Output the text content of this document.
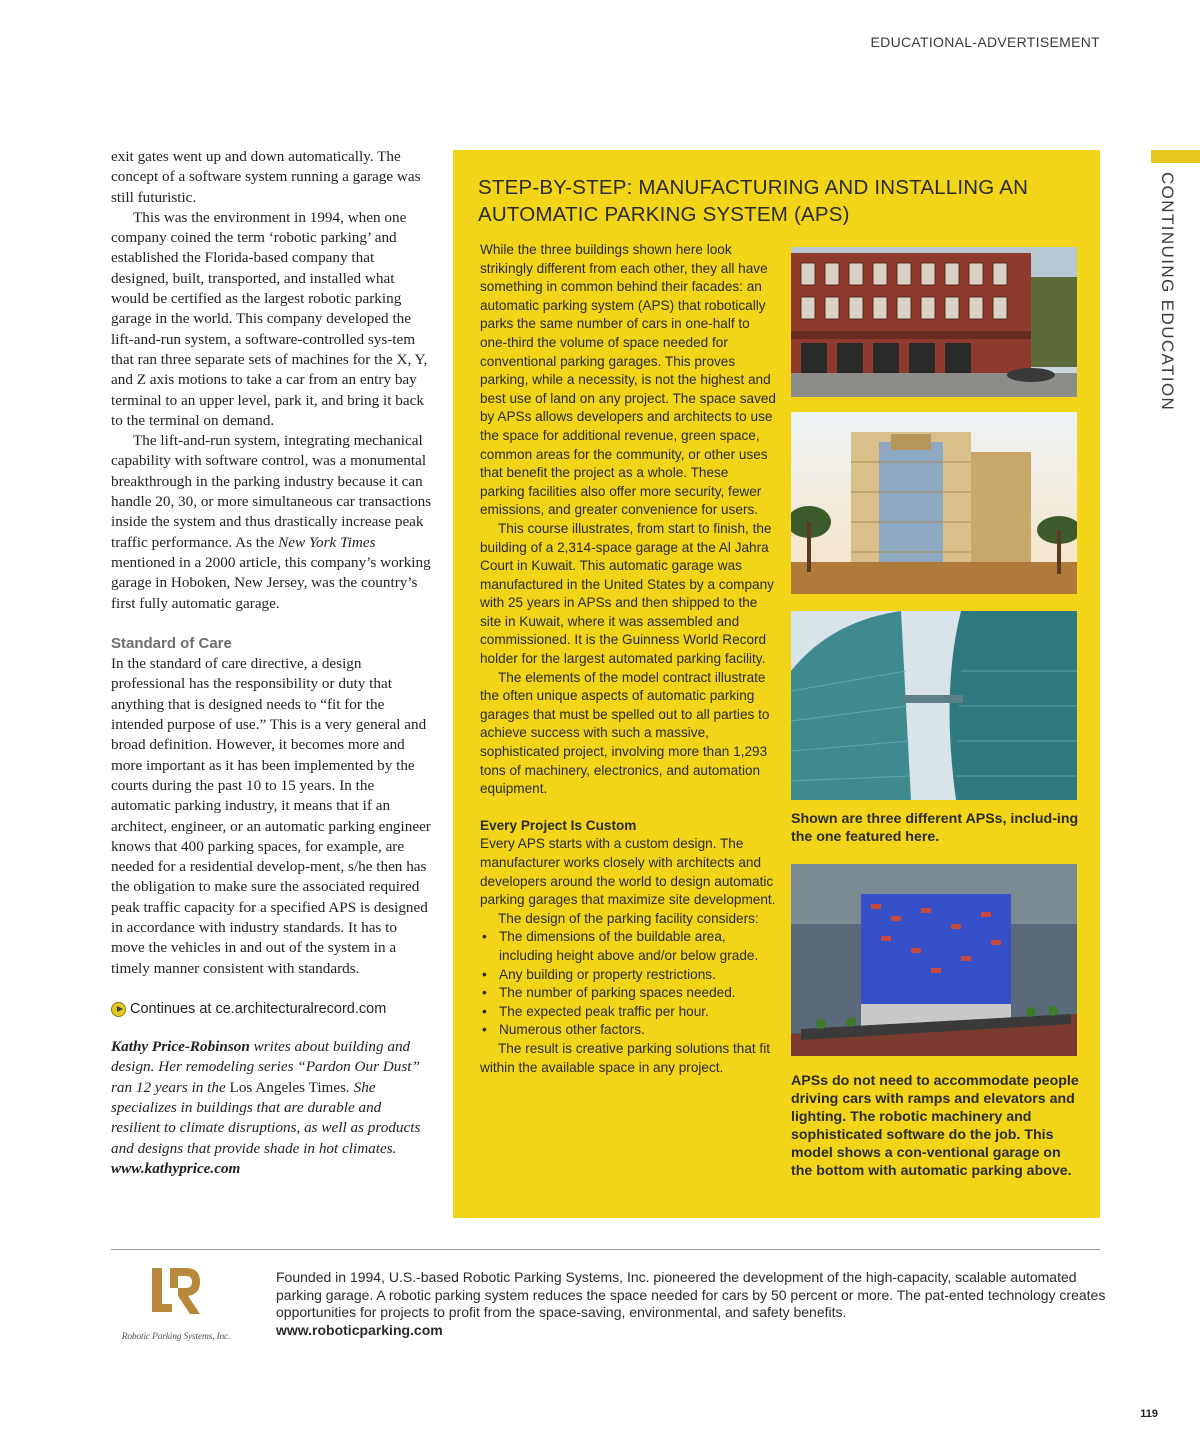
EDUCATIONAL-ADVERTISEMENT
CONTINUING EDUCATION

exit gates went up and down automatically. The concept of a software system running a garage was still futuristic.

This was the environment in 1994, when one company coined the term ‘robotic parking’ and established the Florida-based company that designed, built, transported, and installed what would be certified as the largest robotic parking garage in the world. This company developed the lift-and-run system, a software-controlled sys-tem that ran three separate sets of machines for the X, Y, and Z axis motions to take a car from an entry bay terminal to an upper level, park it, and bring it back to the terminal on demand.

The lift-and-run system, integrating mechanical capability with software control, was a monumental breakthrough in the parking industry because it can handle 20, 30, or more simultaneous car transactions inside the system and thus drastically increase peak traffic performance. As the New York Times mentioned in a 2000 article, this company’s working garage in Hoboken, New Jersey, was the country’s first fully automatic garage.

Standard of Care

In the standard of care directive, a design professional has the responsibility or duty that anything that is designed needs to “fit for the intended purpose of use.” This is a very general and broad definition. However, it becomes more and more important as it has been implemented by the courts during the past 10 to 15 years. In the automatic parking industry, it means that if an architect, engineer, or an automatic parking engineer knows that 400 parking spaces, for example, are needed for a residential develop-ment, s/he then has the obligation to make sure the associated required peak traffic capacity for a specified APS is designed in accordance with industry standards. It has to move the vehicles in and out of the system in a timely manner consistent with standards.

Continues at ce.architecturalrecord.com

Kathy Price-Robinson writes about building and design. Her remodeling series “Pardon Our Dust” ran 12 years in the Los Angeles Times. She specializes in buildings that are durable and resilient to climate disruptions, as well as products and designs that provide shade in hot climates.
www.kathyprice.com

STEP-BY-STEP: MANUFACTURING AND INSTALLING AN AUTOMATIC PARKING SYSTEM (APS)

While the three buildings shown here look strikingly different from each other, they all have something in common behind their facades: an automatic parking system (APS) that robotically parks the same number of cars in one-half to one-third the volume of space needed for conventional parking garages. This proves parking, while a necessity, is not the highest and best use of land on any project. The space saved by APSs allows developers and architects to use the space for additional revenue, green space, common areas for the community, or other uses that benefit the project as a whole. These parking facilities also offer more security, fewer emissions, and greater convenience for users.

This course illustrates, from start to finish, the building of a 2,314-space garage at the Al Jahra Court in Kuwait. This automatic garage was manufactured in the United States by a company with 25 years in APSs and then shipped to the site in Kuwait, where it was assembled and commissioned. It is the Guinness World Record holder for the largest automated parking facility.

The elements of the model contract illustrate the often unique aspects of automatic parking garages that must be spelled out to all parties to achieve success with such a massive, sophisticated project, involving more than 1,293 tons of machinery, electronics, and automation equipment.

Every Project Is Custom

Every APS starts with a custom design. The manufacturer works closely with architects and developers around the world to design automatic parking garages that maximize site development.

The design of the parking facility considers:

• The dimensions of the buildable area, including height above and/or below grade.
• Any building or property restrictions.
• The number of parking spaces needed.
• The expected peak traffic per hour.
• Numerous other factors.

The result is creative parking solutions that fit within the available space in any project.

Shown are three different APSs, includ-ing the one featured here.
APSs do not need to accommodate people driving cars with ramps and elevators and lighting. The robotic machinery and sophisticated software do the job. This model shows a con-ventional garage on the bottom with automatic parking above.
Robotic Parking Systems, Inc.
Founded in 1994, U.S.-based Robotic Parking Systems, Inc. pioneered the development of the high-capacity, scalable automated parking garage. A robotic parking system reduces the space needed for cars by 50 percent or more. The pat-ented technology creates opportunities for projects to profit from the space-saving, environmental, and safety benefits.
www.roboticparking.com
119
